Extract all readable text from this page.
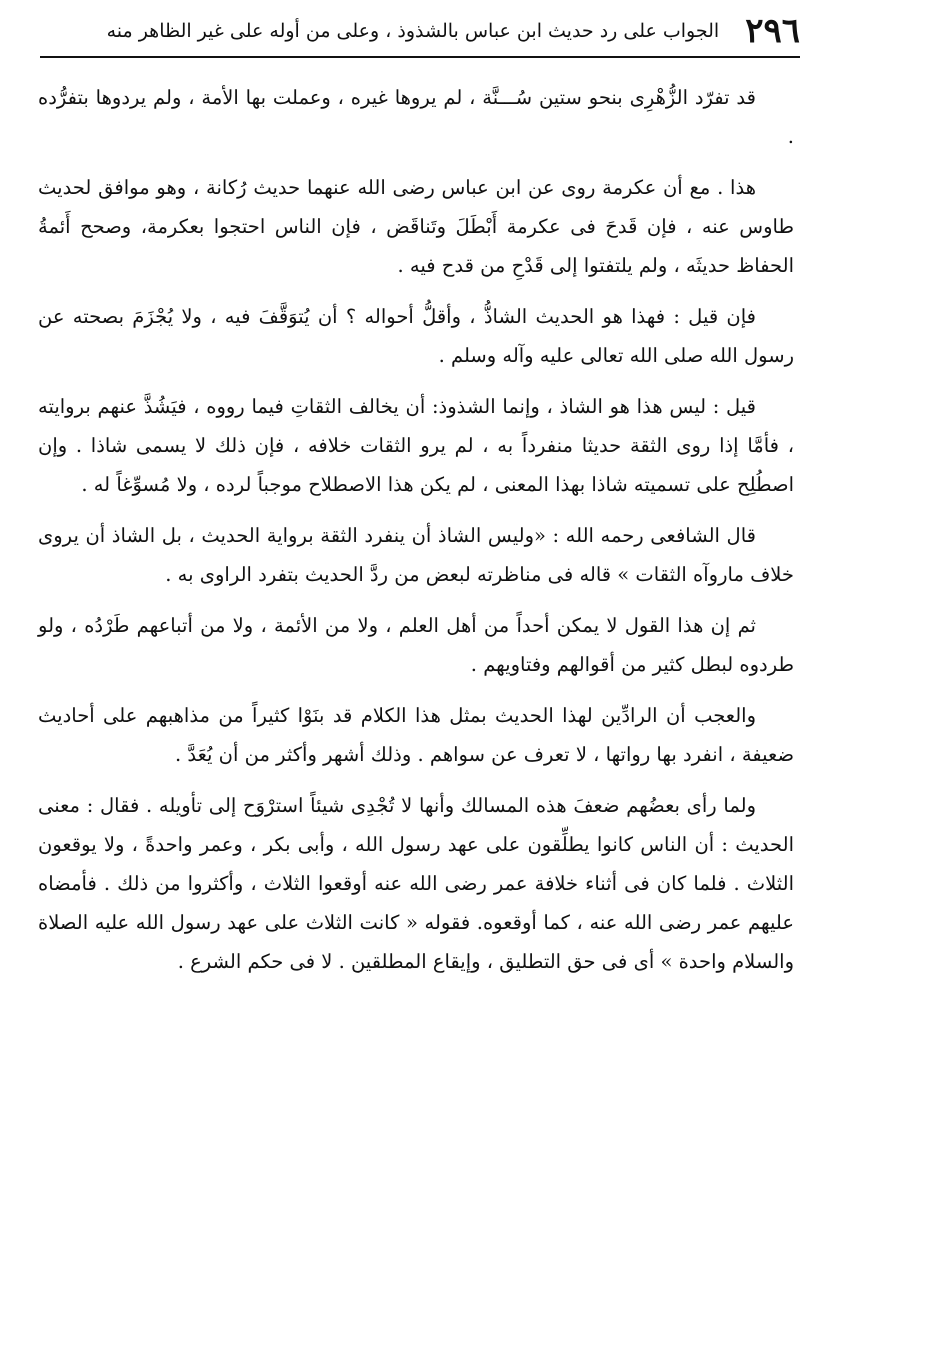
٢٩٦
الجواب على رد حديث ابن عباس بالشذوذ ، وعلى من أوله على غير الظاهر منه

قد تفرّد الزُّهْرِى بنحو ستين سُـــنَّة ، لم يروها غيره ، وعملت بها الأمة ، ولم يردوها بتفرُّده .

هذا . مع أن عكرمة روى عن ابن عباس رضى الله عنهما حديث رُكانة ، وهو موافق لحديث طاوس عنه ، فإن قَدحَ فى عكرمة أَبْطَلَ وتَناقَض ، فإن الناس احتجوا بعكرمة، وصحح أَئمةُ الحفاظ حديثَه ، ولم يلتفتوا إلى قَدْحِ من قدح فيه .

فإن قيل : فهذا هو الحديث الشاذُّ ، وأقلُّ أحواله ؟ أن يُتوَقَّفَ فيه ، ولا يُجْزَمَ بصحته عن رسول الله صلى الله تعالى عليه وآله وسلم .

قيل : ليس هذا هو الشاذ ، وإنما الشذوذ: أن يخالف الثقاتِ فيما رووه ، فيَشُذَّ عنهم بروايته ، فأمَّا إذا روى الثقة حديثا منفرداً به ، لم يرو الثقات خلافه ، فإن ذلك لا يسمى شاذا . وإن اصطُلِح على تسميته شاذا بهذا المعنى ، لم يكن هذا الاصطلاح موجباً لرده ، ولا مُسوِّغاً له .

قال الشافعى رحمه الله : «وليس الشاذ أن ينفرد الثقة برواية الحديث ، بل الشاذ أن يروى خلاف ماروآه الثقات » قاله فى مناظرته لبعض من ردَّ الحديث بتفرد الراوى به .

ثم إن هذا القول لا يمكن أحداً من أهل العلم ، ولا من الأئمة ، ولا من أتباعهم طَرْدُه ، ولو طردوه لبطل كثير من أقوالهم وفتاويهم .

والعجب أن الرادِّين لهذا الحديث بمثل هذا الكلام قد بنَوْا كثيراً من مذاهبهم على أحاديث ضعيفة ، انفرد بها رواتها ، لا تعرف عن سواهم . وذلك أشهر وأكثر من أن يُعَدَّ .

ولما رأى بعضُهم ضعفَ هذه المسالك وأنها لا تُجْدِى شيئاً استرْوَح إلى تأويله . فقال : معنى الحديث : أن الناس كانوا يطلِّقون على عهد رسول الله ، وأبى بكر ، وعمر واحدةً ، ولا يوقعون الثلاث . فلما كان فى أثناء خلافة عمر رضى الله عنه أوقعوا الثلاث ، وأكثروا من ذلك . فأمضاه عليهم عمر رضى الله عنه ، كما أوقعوه. فقوله « كانت الثلاث على عهد رسول الله عليه الصلاة والسلام واحدة » أى فى حق التطليق ، وإيقاع المطلقين . لا فى حكم الشرع .
